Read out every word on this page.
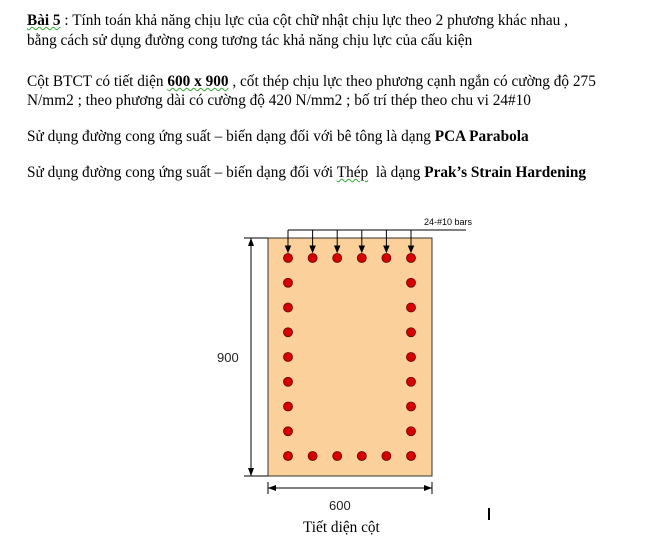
Bài 5 : Tính toán khả năng chịu lực của cột chữ nhật chịu lực theo 2 phương khác nhau ,
bằng cách sử dụng đường cong tương tác khả năng chịu lực của cấu kiện
Cột BTCT có tiết diện 600 x 900 , cốt thép chịu lực theo phương cạnh ngắn có cường độ 275
N/mm2 ; theo phương dài có cường độ 420 N/mm2 ; bố trí thép theo chu vi 24#10
Sử dụng đường cong ứng suất – biến dạng đối với bê tông là dạng PCA Parabola
Sử dụng đường cong ứng suất – biến dạng đối với Thép  là dạng Prak’s Strain Hardening
24-#10 bars
900
600
Tiết diện cột
